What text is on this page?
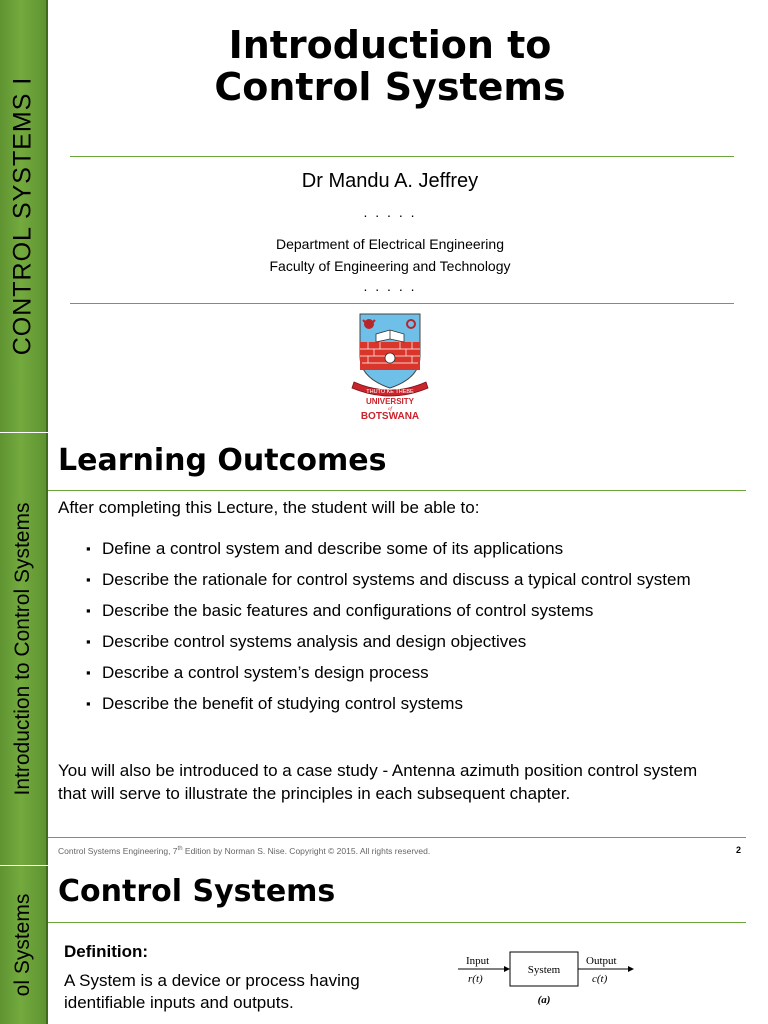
CONTROL SYSTEMS I
Introduction to
Control Systems
Dr Mandu A. Jeffrey
. . . . .
Department of Electrical Engineering
Faculty of Engineering and Technology
. . . . .
THUTO KE THEBE
UNIVERSITY
of
BOTSWANA
Introduction to Control Systems
Learning Outcomes
After completing this Lecture, the student will be able to:
▪ Define a control system and describe some of its applications
▪ Describe the rationale for control systems and discuss a typical control system
▪ Describe the basic features and configurations of control systems
▪ Describe control systems analysis and design objectives
▪ Describe a control system’s design process
▪ Describe the benefit of studying control systems
You will also be introduced to a case study - Antenna azimuth position control system that will serve to illustrate the principles in each subsequent chapter.
Control Systems Engineering, 7th Edition by Norman S. Nise. Copyright © 2015. All rights reserved.	2
ol Systems
Control Systems
Definition:
A System is a device or process having identifiable inputs and outputs.
Input
r(t)
System
Output
c(t)
(a)
